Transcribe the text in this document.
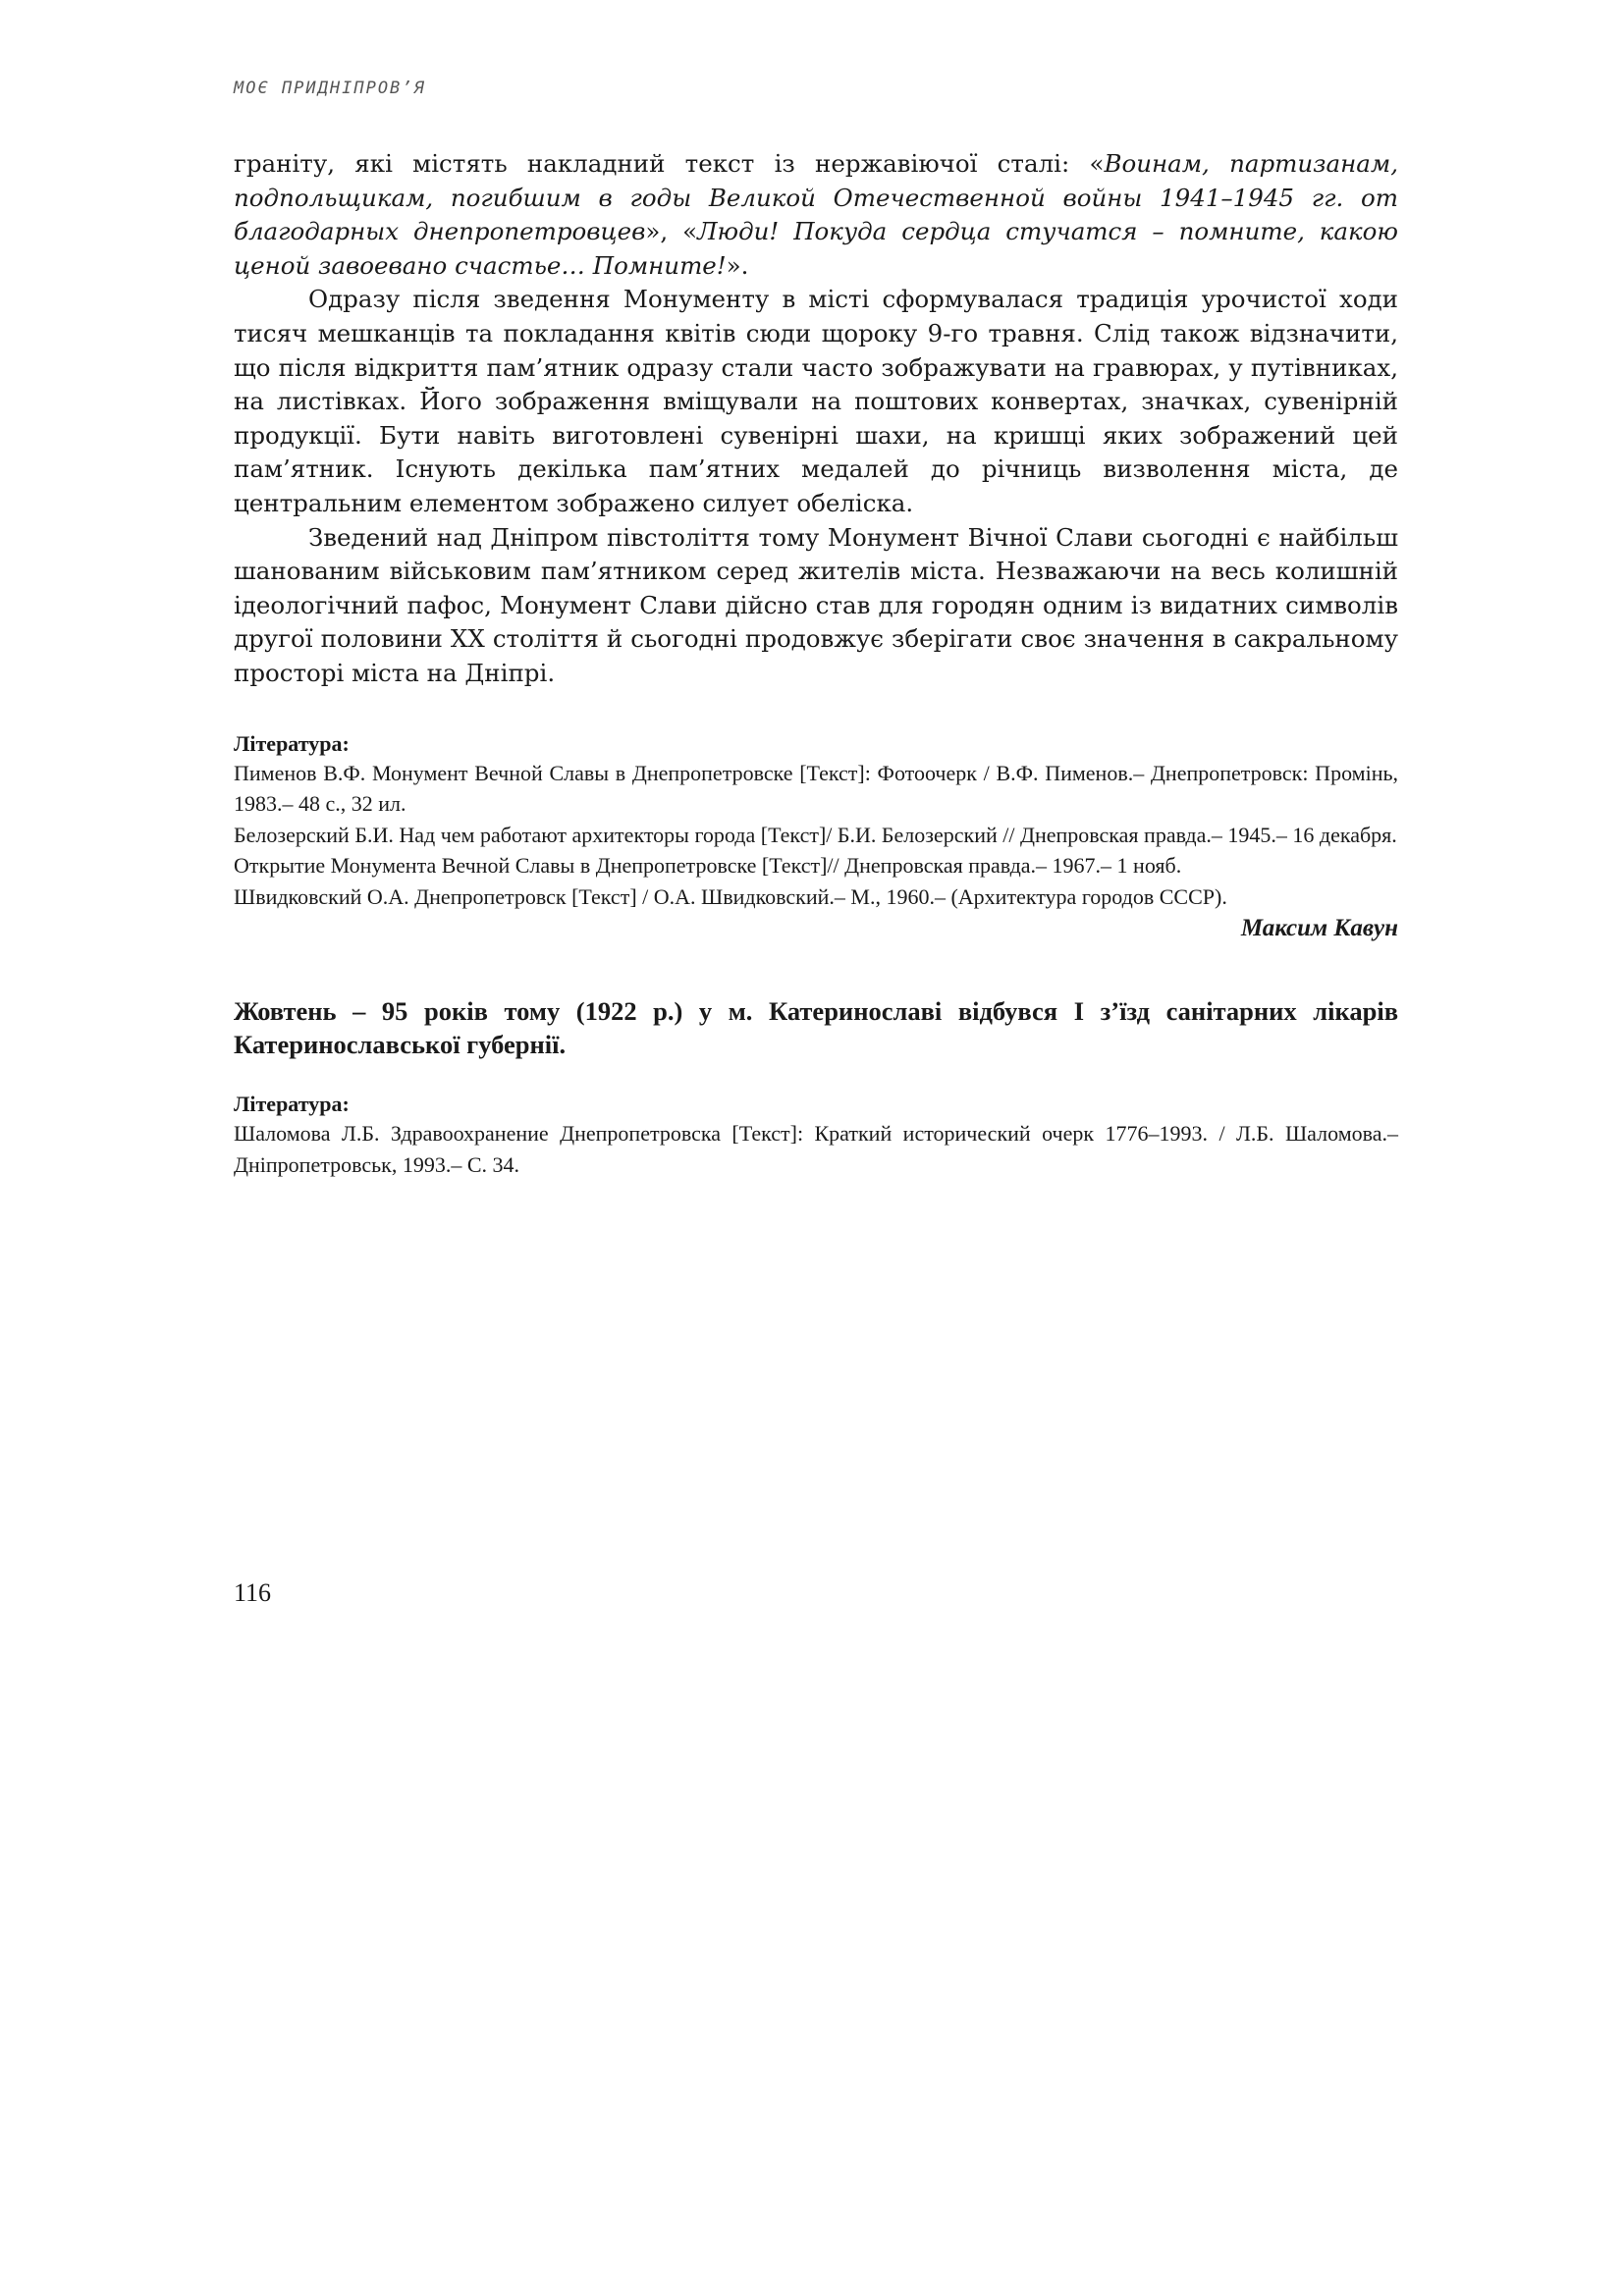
МОЄ ПРИДНІПРОВ’Я

граніту, які містять накладний текст із нержавіючої сталі: «Воинам, партизанам, подпольщикам, погибшим в годы Великой Отечественной войны 1941–1945 гг. от благодарных днепропетровцев», «Люди! Покуда сердца стучатся – помните, какою ценой завоевано счастье… Помните!».

Одразу після зведення Монументу в місті сформувалася традиція урочистої ходи тисяч мешканців та покладання квітів сюди щороку 9-го травня. Слід також відзначити, що після відкриття пам’ятник одразу стали часто зображувати на гравюрах, у путівниках, на листівках. Його зображення вміщували на поштових конвертах, значках, сувенірній продукції. Бути навіть виготовлені сувенірні шахи, на кришці яких зображений цей пам’ятник. Існують декілька пам’ятних медалей до річниць визволення міста, де центральним елементом зображено силует обеліска.

Зведений над Дніпром півстоліття тому Монумент Вічної Слави сьогодні є найбільш шанованим військовим пам’ятником серед жителів міста. Незважаючи на весь колишній ідеологічний пафос, Монумент Слави дійсно став для городян одним із видатних символів другої половини XX століття й сьогодні продовжує зберігати своє значення в сакральному просторі міста на Дніпрі.

Література:

Пименов В.Ф. Монумент Вечной Славы в Днепропетровске [Текст]: Фотоочерк / В.Ф. Пименов.– Днепропетровск: Промінь, 1983.– 48 с., 32 ил.

Белозерский Б.И. Над чем работают архитекторы города [Текст]/ Б.И. Белозерский // Днепровская правда.– 1945.– 16 декабря.

Открытие Монумента Вечной Славы в Днепропетровске [Текст]// Днепровская правда.– 1967.– 1 нояб.

Швидковский О.А. Днепропетровск [Текст] / О.А. Швидковский.– М., 1960.– (Архитектура городов СССР).

Максим Кавун

Жовтень – 95 років тому (1922 р.) у м. Катеринославі відбувся I з’їзд санітарних лікарів Катеринославської губернії.

Література:

Шаломова Л.Б. Здравоохранение Днепропетровска [Текст]: Краткий исторический очерк 1776–1993. / Л.Б. Шаломова.– Дніпропетровськ, 1993.– С. 34.

116
